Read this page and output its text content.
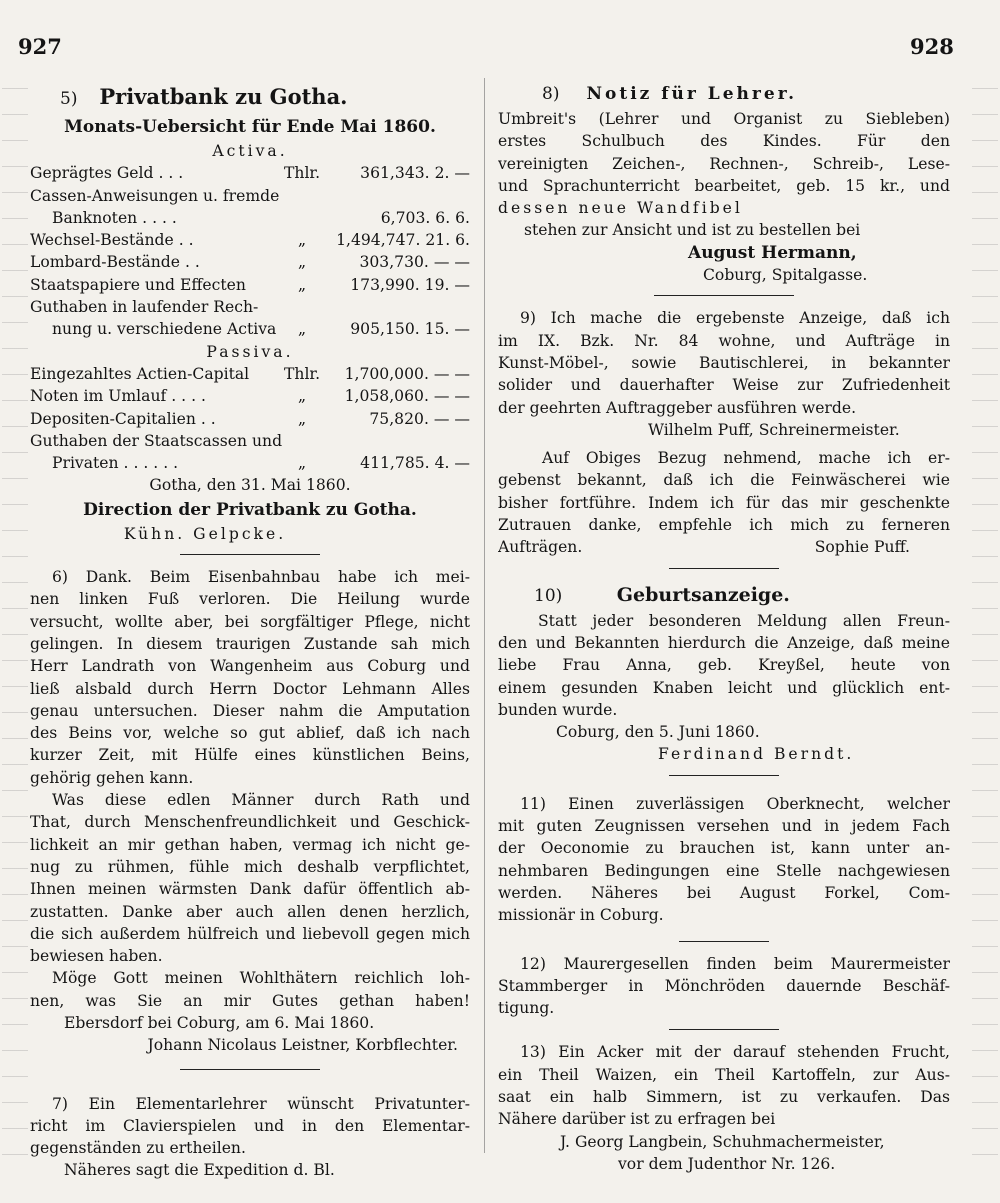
927	928
5) Privatbank zu Gotha.
Monats-Uebersicht für Ende Mai 1860.
Activa.
Geprägtes Geld . . .	Thlr.	361,343. 2. —
Cassen-Anweisungen u. fremde
Banknoten . . . .	6,703. 6. 6.
Wechsel-Bestände . .	„	1,494,747. 21. 6.
Lombard-Bestände . .	„	303,730. — —
Staatspapiere und Effecten	„	173,990. 19. —
Guthaben in laufender Rech-
nung u. verschiedene Activa	„	905,150. 15. —
Passiva.
Eingezahltes Actien-Capital	Thlr.	1,700,000. — —
Noten im Umlauf . . . .	„	1,058,060. — —
Depositen-Capitalien . .	„	75,820. — —
Guthaben der Staatscassen und
Privaten . . . . . .	„	411,785. 4. —
Gotha, den 31. Mai 1860.
Direction der Privatbank zu Gotha.
Kühn. Gelpcke.
6) Dank. Beim Eisenbahnbau habe ich mei-
nen linken Fuß verloren. Die Heilung wurde
versucht, wollte aber, bei sorgfältiger Pflege, nicht
gelingen. In diesem traurigen Zustande sah mich
Herr Landrath von Wangenheim aus Coburg und
ließ alsbald durch Herrn Doctor Lehmann Alles
genau untersuchen. Dieser nahm die Amputation
des Beins vor, welche so gut ablief, daß ich nach
kurzer Zeit, mit Hülfe eines künstlichen Beins,
gehörig gehen kann.
Was diese edlen Männer durch Rath und
That, durch Menschenfreundlichkeit und Geschick-
lichkeit an mir gethan haben, vermag ich nicht ge-
nug zu rühmen, fühle mich deshalb verpflichtet,
Ihnen meinen wärmsten Dank dafür öffentlich ab-
zustatten. Danke aber auch allen denen herzlich,
die sich außerdem hülfreich und liebevoll gegen mich
bewiesen haben.
Möge Gott meinen Wohlthätern reichlich loh-
nen, was Sie an mir Gutes gethan haben!
Ebersdorf bei Coburg, am 6. Mai 1860.
Johann Nicolaus Leistner, Korbflechter.
7) Ein Elementarlehrer wünscht Privatunter-
richt im Clavierspielen und in den Elementar-
gegenständen zu ertheilen.
Näheres sagt die Expedition d. Bl.
8) Notiz für Lehrer.
Umbreit's (Lehrer und Organist zu Siebleben)
erstes Schulbuch des Kindes. Für den
vereinigten Zeichen-, Rechnen-, Schreib-, Lese-
und Sprachunterricht bearbeitet, geb. 15 kr., und
dessen neue Wandfibel
stehen zur Ansicht und ist zu bestellen bei
August Hermann,
Coburg, Spitalgasse.
9) Ich mache die ergebenste Anzeige, daß ich
im IX. Bzk. Nr. 84 wohne, und Aufträge in
Kunst-Möbel-, sowie Bautischlerei, in bekannter
solider und dauerhafter Weise zur Zufriedenheit
der geehrten Auftraggeber ausführen werde.
Wilhelm Puff, Schreinermeister.
Auf Obiges Bezug nehmend, mache ich er-
gebenst bekannt, daß ich die Feinwäscherei wie
bisher fortführe. Indem ich für das mir geschenkte
Zutrauen danke, empfehle ich mich zu ferneren
Aufträgen.	Sophie Puff.
10)	Geburtsanzeige.
Statt jeder besonderen Meldung allen Freun-
den und Bekannten hierdurch die Anzeige, daß meine
liebe Frau Anna, geb. Kreyßel, heute von
einem gesunden Knaben leicht und glücklich ent-
bunden wurde.
Coburg, den 5. Juni 1860.
Ferdinand Berndt.
11) Einen zuverlässigen Oberknecht, welcher
mit guten Zeugnissen versehen und in jedem Fach
der Oeconomie zu brauchen ist, kann unter an-
nehmbaren Bedingungen eine Stelle nachgewiesen
werden. Näheres bei August Forkel, Com-
missionär in Coburg.
12) Maurergesellen finden beim Maurermeister
Stammberger in Mönchröden dauernde Beschäf-
tigung.
13) Ein Acker mit der darauf stehenden Frucht,
ein Theil Waizen, ein Theil Kartoffeln, zur Aus-
saat ein halb Simmern, ist zu verkaufen. Das
Nähere darüber ist zu erfragen bei
J. Georg Langbein, Schuhmachermeister,
vor dem Judenthor Nr. 126.
